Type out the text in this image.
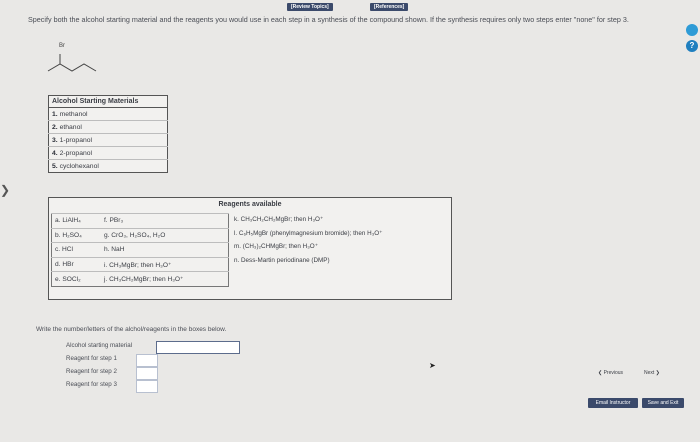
[Review Topics]	[References]
Specify both the alcohol starting material and the reagents you would use in each step in a synthesis of the compound shown. If the synthesis requires only two steps enter "none" for step 3.
?
❯
Br
Alcohol Starting Materials
1. methanol
2. ethanol
3. 1-propanol
4. 2-propanol
5. cyclohexanol
Reagents available
a. LiAlH₄	f. PBr₃
b. H₂SO₄	g. CrO₃, H₂SO₄, H₂O
c. HCl	h. NaH
d. HBr	i. CH₃MgBr; then H₃O⁺
e. SOCl₂	j. CH₃CH₂MgBr; then H₃O⁺
k. CH₃CH₂CH₂MgBr; then H₃O⁺
l. C₆H₅MgBr (phenylmagnesium bromide); then H₃O⁺
m. (CH₃)₂CHMgBr; then H₃O⁺
n. Dess-Martin periodinane (DMP)
Write the number/letters of the alchol/reagents in the boxes below.
Alcohol starting material
Reagent for step 1
Reagent for step 2
Reagent for step 3
➤
❮ Previous	Next ❯
Email Instructor	Save and Exit
